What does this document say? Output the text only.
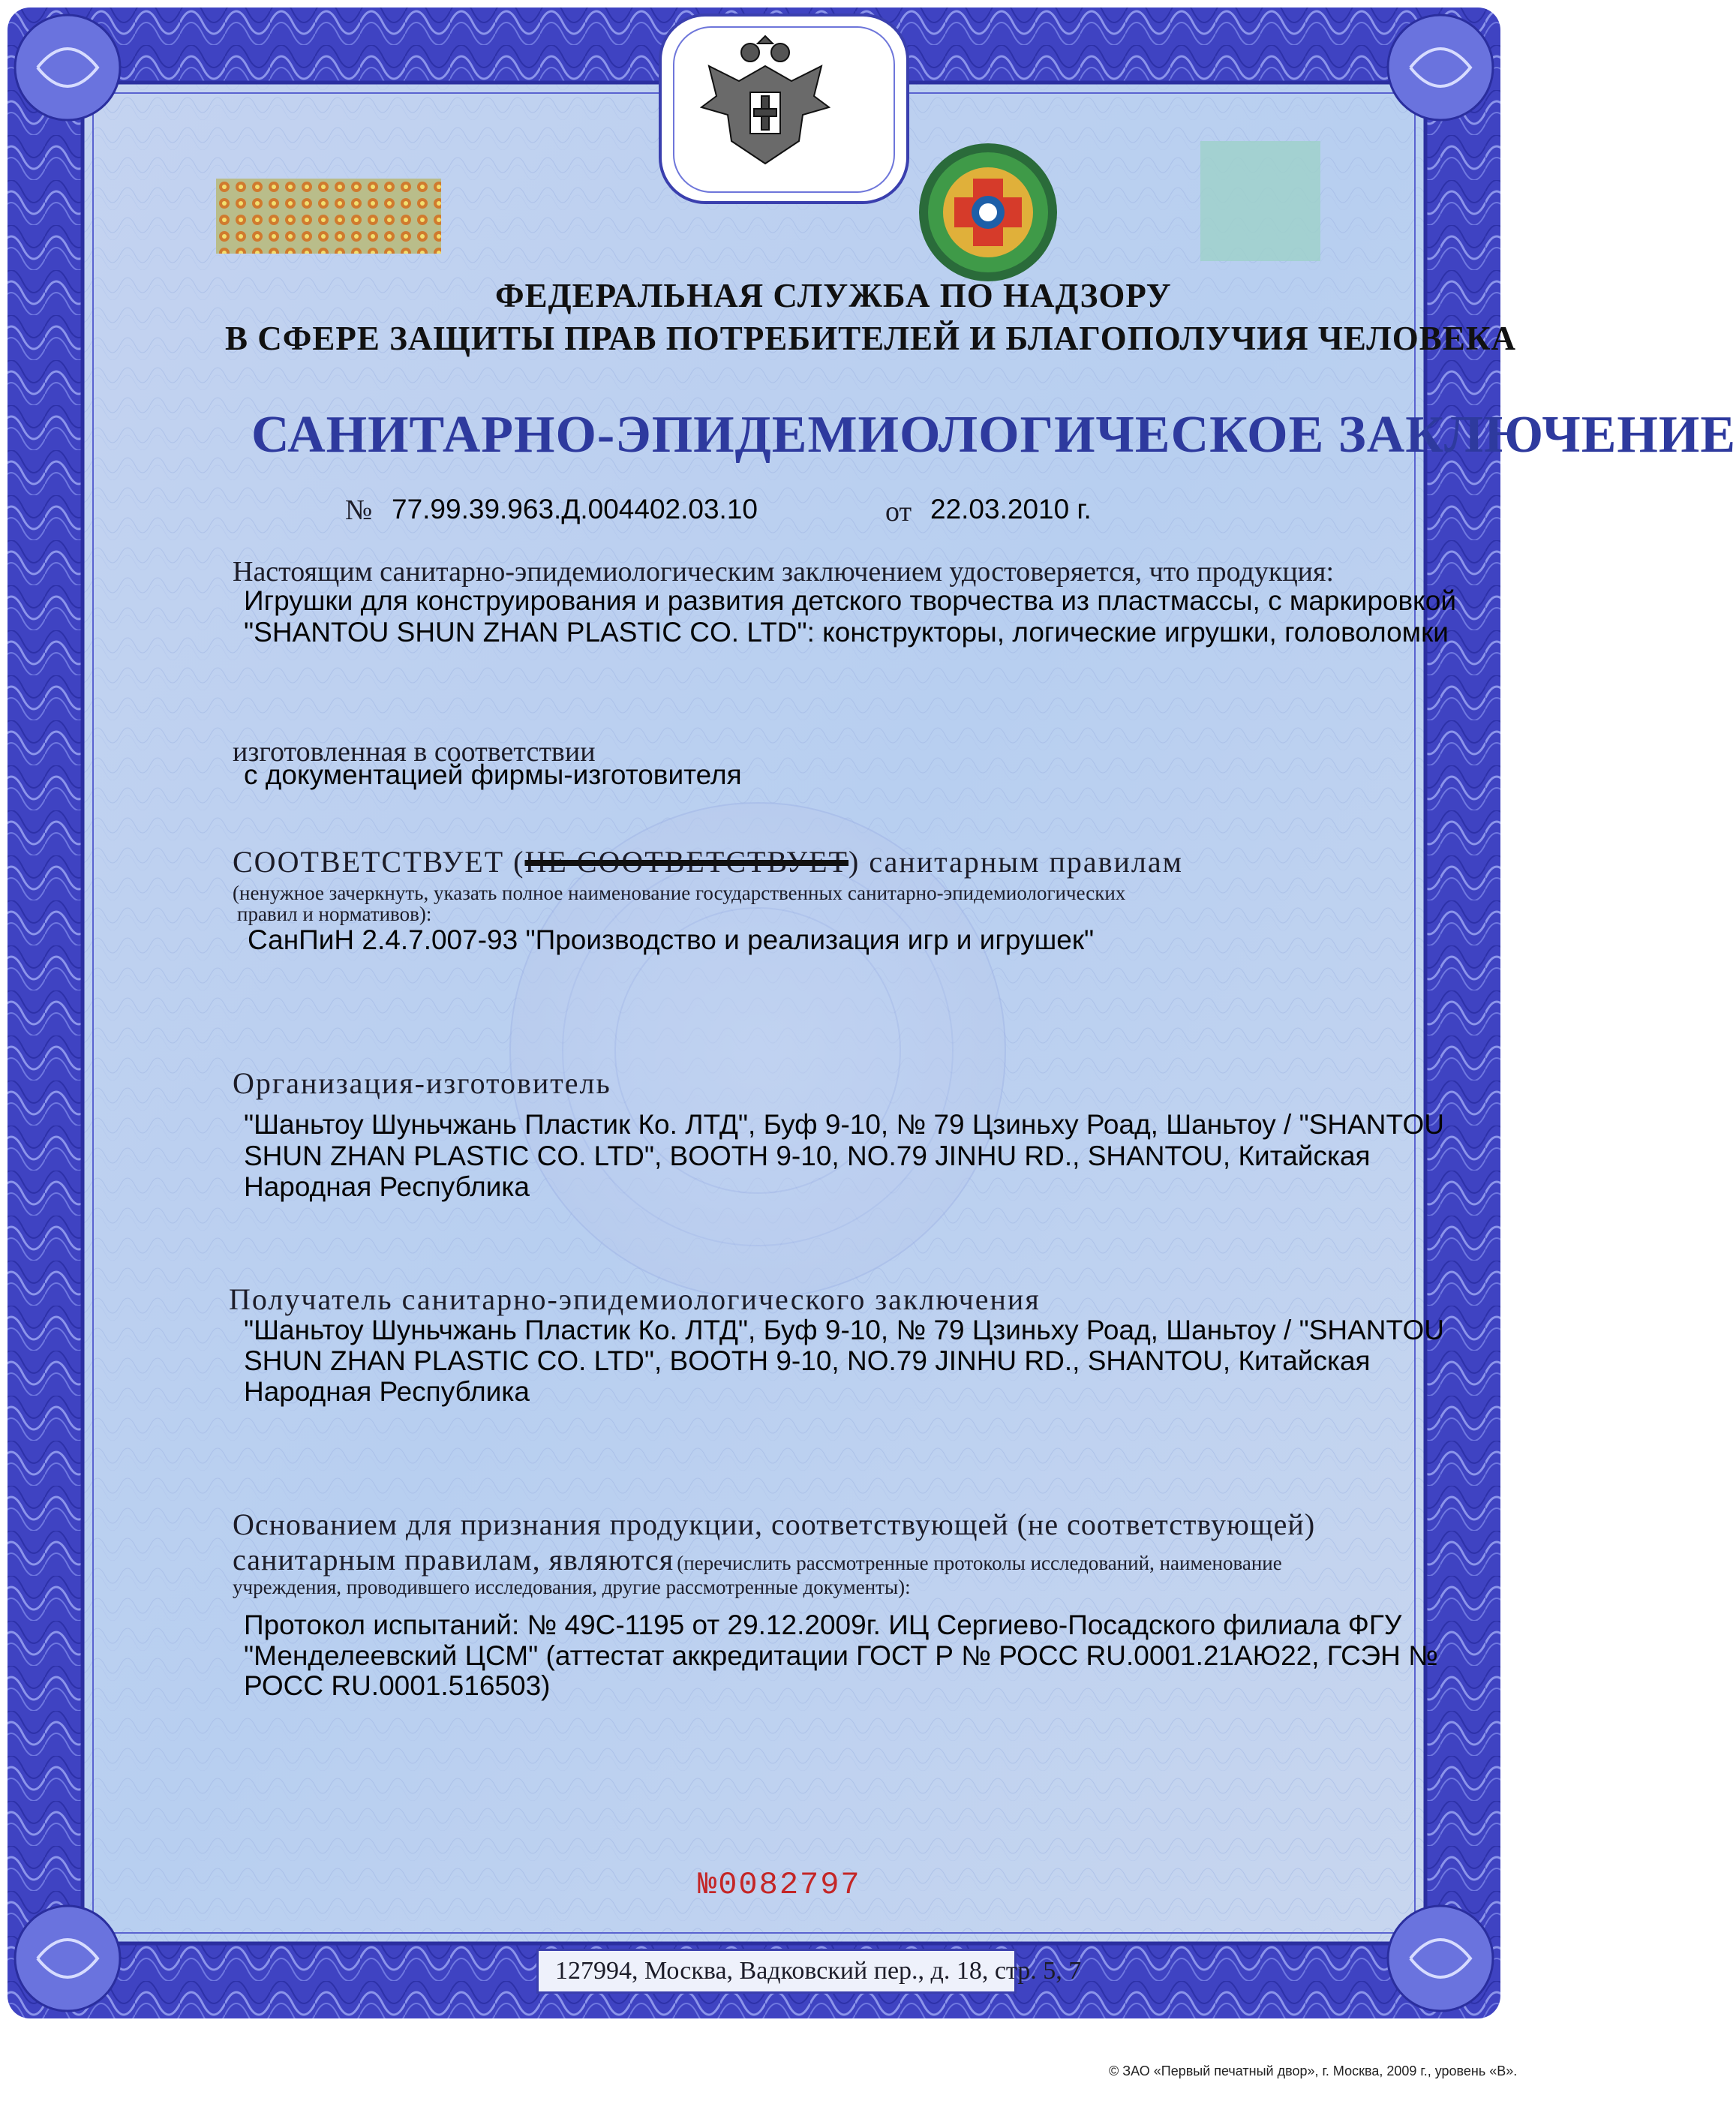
ФЕДЕРАЛЬНАЯ СЛУЖБА ПО НАДЗОРУ

В СФЕРЕ ЗАЩИТЫ ПРАВ ПОТРЕБИТЕЛЕЙ И БЛАГОПОЛУЧИЯ ЧЕЛОВЕКА

САНИТАРНО-ЭПИДЕМИОЛОГИЧЕСКОЕ ЗАКЛЮЧЕНИЕ

№ 77.99.39.963.Д.004402.03.10	от 22.03.2010 г.

Настоящим санитарно-эпидемиологическим заключением удостоверяется, что продукция:

Игрушки для конструирования и развития детского творчества из пластмассы, с маркировкой

"SHANTOU SHUN ZHAN PLASTIC CO. LTD": конструкторы, логические игрушки, головоломки

изготовленная в соответствии

с документацией фирмы-изготовителя

СООТВЕТСТВУЕТ (НЕ СООТВЕТСТВУЕТ) санитарным правилам

(ненужное зачеркнуть, указать полное наименование государственных санитарно-эпидемиологических

правил и нормативов):

СанПиН 2.4.7.007-93 "Производство и реализация игр и игрушек"

Организация-изготовитель

"Шаньтоу Шуньчжань Пластик Ко. ЛТД", Буф 9-10, № 79 Цзиньху Роад, Шаньтоу / "SHANTOU

SHUN ZHAN PLASTIC CO. LTD", BOOTH 9-10, NO.79 JINHU RD., SHANTOU, Китайская

Народная Республика

Получатель санитарно-эпидемиологического заключения

"Шаньтоу Шуньчжань Пластик Ко. ЛТД", Буф 9-10, № 79 Цзиньху Роад, Шаньтоу / "SHANTOU

SHUN ZHAN PLASTIC CO. LTD", BOOTH 9-10, NO.79 JINHU RD., SHANTOU, Китайская

Народная Республика

Основанием для признания продукции, соответствующей (не соответствующей)

санитарным правилам, являются (перечислить рассмотренные протоколы исследований, наименование

учреждения, проводившего исследования, другие рассмотренные документы):

Протокол испытаний: № 49С-1195 от 29.12.2009г. ИЦ Сергиево-Посадского филиала ФГУ

"Менделеевский ЦСМ" (аттестат аккредитации ГОСТ Р № РОСС RU.0001.21АЮ22, ГСЭН №

РОСС RU.0001.516503)

№0082797

127994, Москва, Вадковский пер., д. 18, стр. 5, 7

© ЗАО «Первый печатный двор», г. Москва, 2009 г., уровень «В».
